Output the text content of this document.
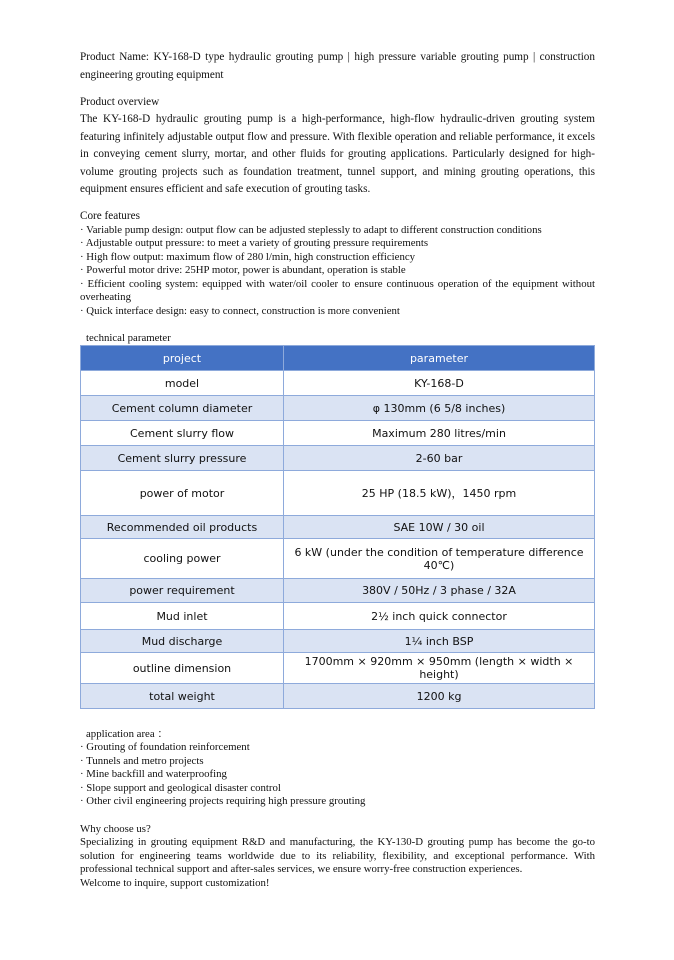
Product Name: KY-168-D type hydraulic grouting pump | high pressure variable grouting pump | construction engineering grouting equipment
Product overview
The KY-168-D hydraulic grouting pump is a high-performance, high-flow hydraulic-driven grouting system featuring infinitely adjustable output flow and pressure. With flexible operation and reliable performance, it excels in conveying cement slurry, mortar, and other fluids for grouting applications. Particularly designed for high-volume grouting projects such as foundation treatment, tunnel support, and mining grouting operations, this equipment ensures efficient and safe execution of grouting tasks.
Core features
· Variable pump design: output flow can be adjusted steplessly to adapt to different construction conditions
· Adjustable output pressure: to meet a variety of grouting pressure requirements
· High flow output: maximum flow of 280 l/min, high construction efficiency
· Powerful motor drive: 25HP motor, power is abundant, operation is stable
· Efficient cooling system: equipped with water/oil cooler to ensure continuous operation of the equipment without overheating
· Quick interface design: easy to connect, construction is more convenient
technical parameter
project	parameter
model	KY-168-D
Cement column diameter	φ 130mm (6 5/8 inches)
Cement slurry flow	Maximum 280 litres/min
Cement slurry pressure	2-60 bar
power of motor	25 HP (18.5 kW)，1450 rpm
Recommended oil products	SAE 10W / 30 oil
cooling power	6 kW (under the condition of temperature difference 40℃)
power requirement	380V / 50Hz / 3 phase / 32A
Mud inlet	2½ inch quick connector
Mud discharge	1¼ inch BSP
outline dimension	1700mm × 920mm × 950mm (length × width × height)
total weight	1200 kg
application area ：
· Grouting of foundation reinforcement
· Tunnels and metro projects
· Mine backfill and waterproofing
· Slope support and geological disaster control
· Other civil engineering projects requiring high pressure grouting
Why choose us?
Specializing in grouting equipment R&D and manufacturing, the KY-130-D grouting pump has become the go-to solution for engineering teams worldwide due to its reliability, flexibility, and exceptional performance. With professional technical support and after-sales services, we ensure worry-free construction experiences.
Welcome to inquire, support customization!
